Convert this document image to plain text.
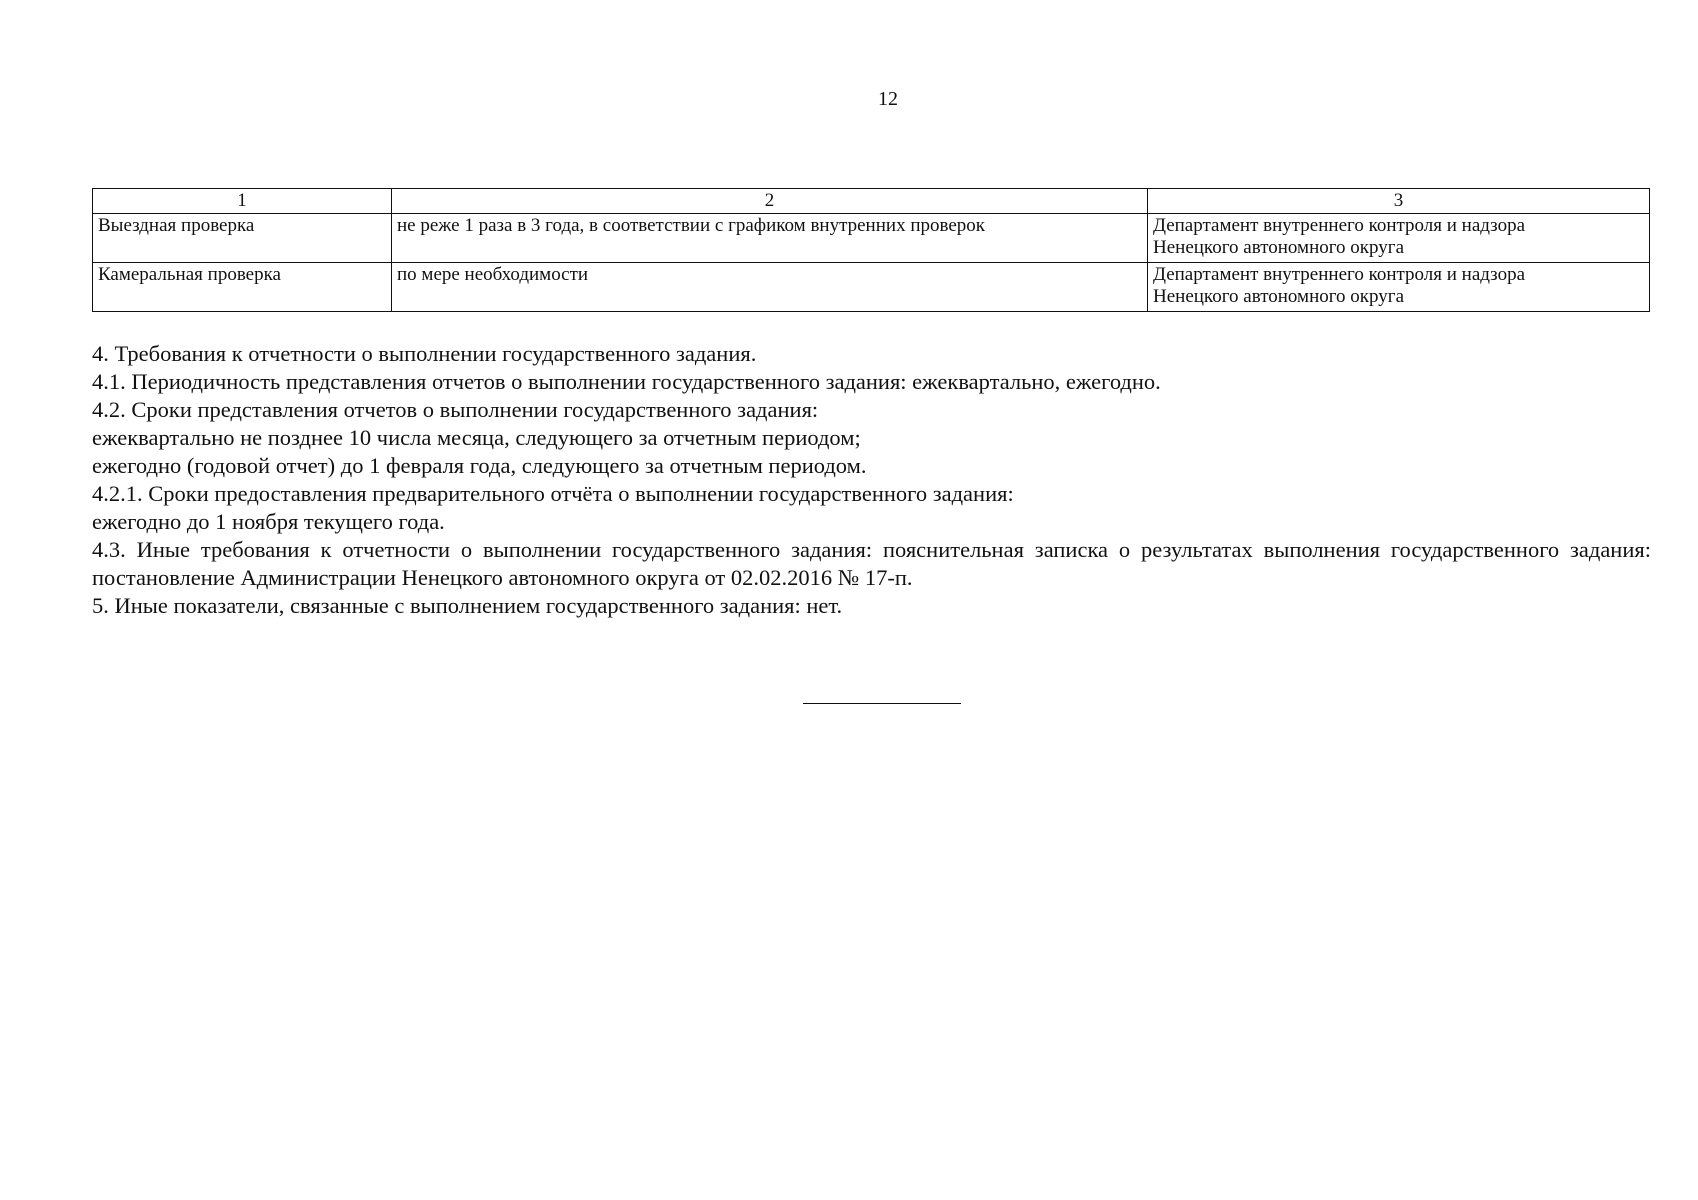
12
1	2	3
Выездная проверка	не реже 1 раза в 3 года, в соответствии с графиком внутренних проверок	Департамент внутреннего контроля и надзора
Ненецкого автономного округа

Камеральная проверка	по мере необходимости	Департамент внутреннего контроля и надзора
Ненецкого автономного округа

4. Требования к отчетности о выполнении государственного задания.

4.1. Периодичность представления отчетов о выполнении государственного задания: ежеквартально, ежегодно.

4.2. Сроки представления отчетов о выполнении государственного задания:

ежеквартально не позднее 10 числа месяца, следующего за отчетным периодом;

ежегодно (годовой отчет) до 1 февраля года, следующего за отчетным периодом.

4.2.1. Сроки предоставления предварительного отчёта о выполнении государственного задания:

ежегодно до 1 ноября текущего года.

4.3. Иные требования к отчетности о выполнении государственного задания: пояснительная записка о результатах выполнения государственного задания: постановление Администрации Ненецкого автономного округа от 02.02.2016 № 17-п.

5. Иные показатели, связанные с выполнением государственного задания: нет.
